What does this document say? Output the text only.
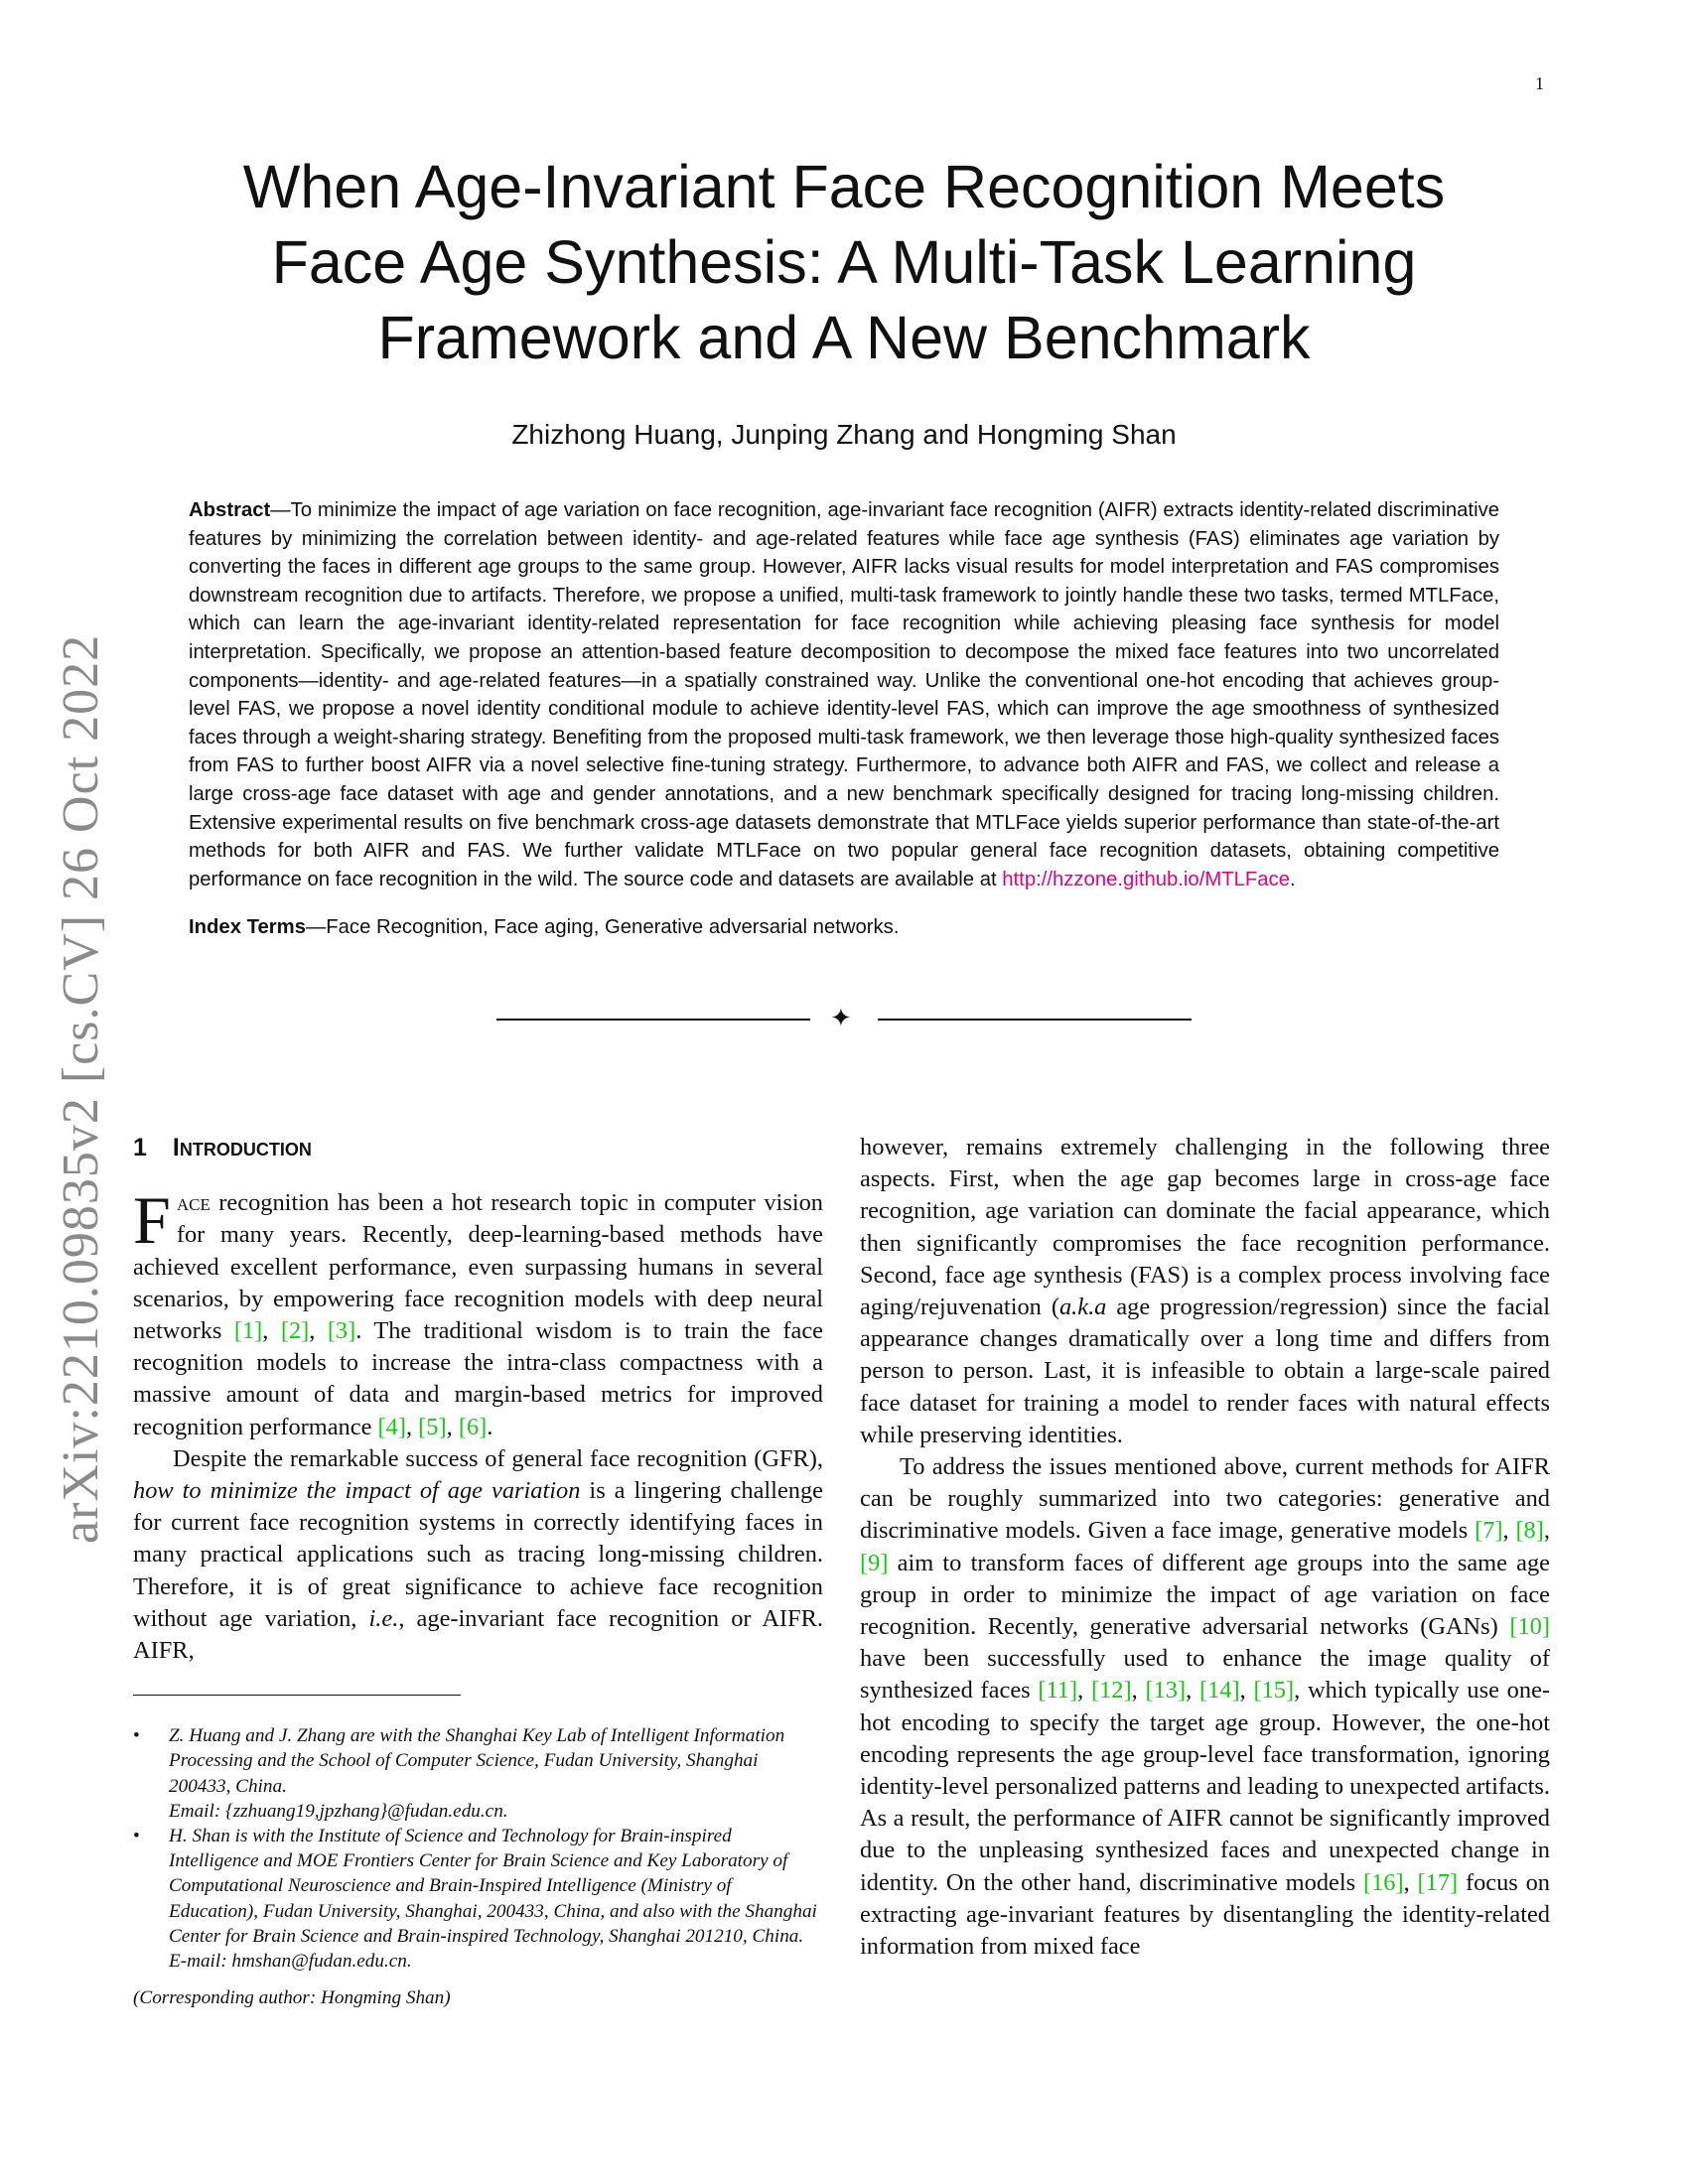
1
arXiv:2210.09835v2 [cs.CV] 26 Oct 2022
When Age-Invariant Face Recognition Meets
Face Age Synthesis: A Multi-Task Learning
Framework and A New Benchmark
Zhizhong Huang, Junping Zhang and Hongming Shan
Abstract—To minimize the impact of age variation on face recognition, age-invariant face recognition (AIFR) extracts identity-related discriminative features by minimizing the correlation between identity- and age-related features while face age synthesis (FAS) eliminates age variation by converting the faces in different age groups to the same group. However, AIFR lacks visual results for model interpretation and FAS compromises downstream recognition due to artifacts. Therefore, we propose a unified, multi-task framework to jointly handle these two tasks, termed MTLFace, which can learn the age-invariant identity-related representation for face recognition while achieving pleasing face synthesis for model interpretation. Specifically, we propose an attention-based feature decomposition to decompose the mixed face features into two uncorrelated components—identity- and age-related features—in a spatially constrained way. Unlike the conventional one-hot encoding that achieves group-level FAS, we propose a novel identity conditional module to achieve identity-level FAS, which can improve the age smoothness of synthesized faces through a weight-sharing strategy. Benefiting from the proposed multi-task framework, we then leverage those high-quality synthesized faces from FAS to further boost AIFR via a novel selective fine-tuning strategy. Furthermore, to advance both AIFR and FAS, we collect and release a large cross-age face dataset with age and gender annotations, and a new benchmark specifically designed for tracing long-missing children. Extensive experimental results on five benchmark cross-age datasets demonstrate that MTLFace yields superior performance than state-of-the-art methods for both AIFR and FAS. We further validate MTLFace on two popular general face recognition datasets, obtaining competitive performance on face recognition in the wild. The source code and datasets are available at http://hzzone.github.io/MTLFace.
Index Terms—Face Recognition, Face aging, Generative adversarial networks.
✦
1 Introduction

Face recognition has been a hot research topic in computer vision for many years. Recently, deep-learning-based methods have achieved excellent performance, even surpassing humans in several scenarios, by empowering face recognition models with deep neural networks [1], [2], [3]. The traditional wisdom is to train the face recognition models to increase the intra-class compactness with a massive amount of data and margin-based metrics for improved recognition performance [4], [5], [6].

Despite the remarkable success of general face recognition (GFR), how to minimize the impact of age variation is a lingering challenge for current face recognition systems in correctly identifying faces in many practical applications such as tracing long-missing children. Therefore, it is of great significance to achieve face recognition without age variation, i.e., age-invariant face recognition or AIFR. AIFR,

• Z. Huang and J. Zhang are with the Shanghai Key Lab of Intelligent Information Processing and the School of Computer Science, Fudan University, Shanghai 200433, China.
Email: {zzhuang19,jpzhang}@fudan.edu.cn.
• H. Shan is with the Institute of Science and Technology for Brain-inspired Intelligence and MOE Frontiers Center for Brain Science and Key Laboratory of Computational Neuroscience and Brain-Inspired Intelligence (Ministry of Education), Fudan University, Shanghai, 200433, China, and also with the Shanghai Center for Brain Science and Brain-inspired Technology, Shanghai 201210, China.
E-mail: hmshan@fudan.edu.cn.
(Corresponding author: Hongming Shan)

however, remains extremely challenging in the following three aspects. First, when the age gap becomes large in cross-age face recognition, age variation can dominate the facial appearance, which then significantly compromises the face recognition performance. Second, face age synthesis (FAS) is a complex process involving face aging/rejuvenation (a.k.a age progression/regression) since the facial appearance changes dramatically over a long time and differs from person to person. Last, it is infeasible to obtain a large-scale paired face dataset for training a model to render faces with natural effects while preserving identities.

To address the issues mentioned above, current methods for AIFR can be roughly summarized into two categories: generative and discriminative models. Given a face image, generative models [7], [8], [9] aim to transform faces of different age groups into the same age group in order to minimize the impact of age variation on face recognition. Recently, generative adversarial networks (GANs) [10] have been successfully used to enhance the image quality of synthesized faces [11], [12], [13], [14], [15], which typically use one-hot encoding to specify the target age group. However, the one-hot encoding represents the age group-level face transformation, ignoring identity-level personalized patterns and leading to unexpected artifacts. As a result, the performance of AIFR cannot be significantly improved due to the unpleasing synthesized faces and unexpected change in identity. On the other hand, discriminative models [16], [17] focus on extracting age-invariant features by disentangling the identity-related information from mixed face
